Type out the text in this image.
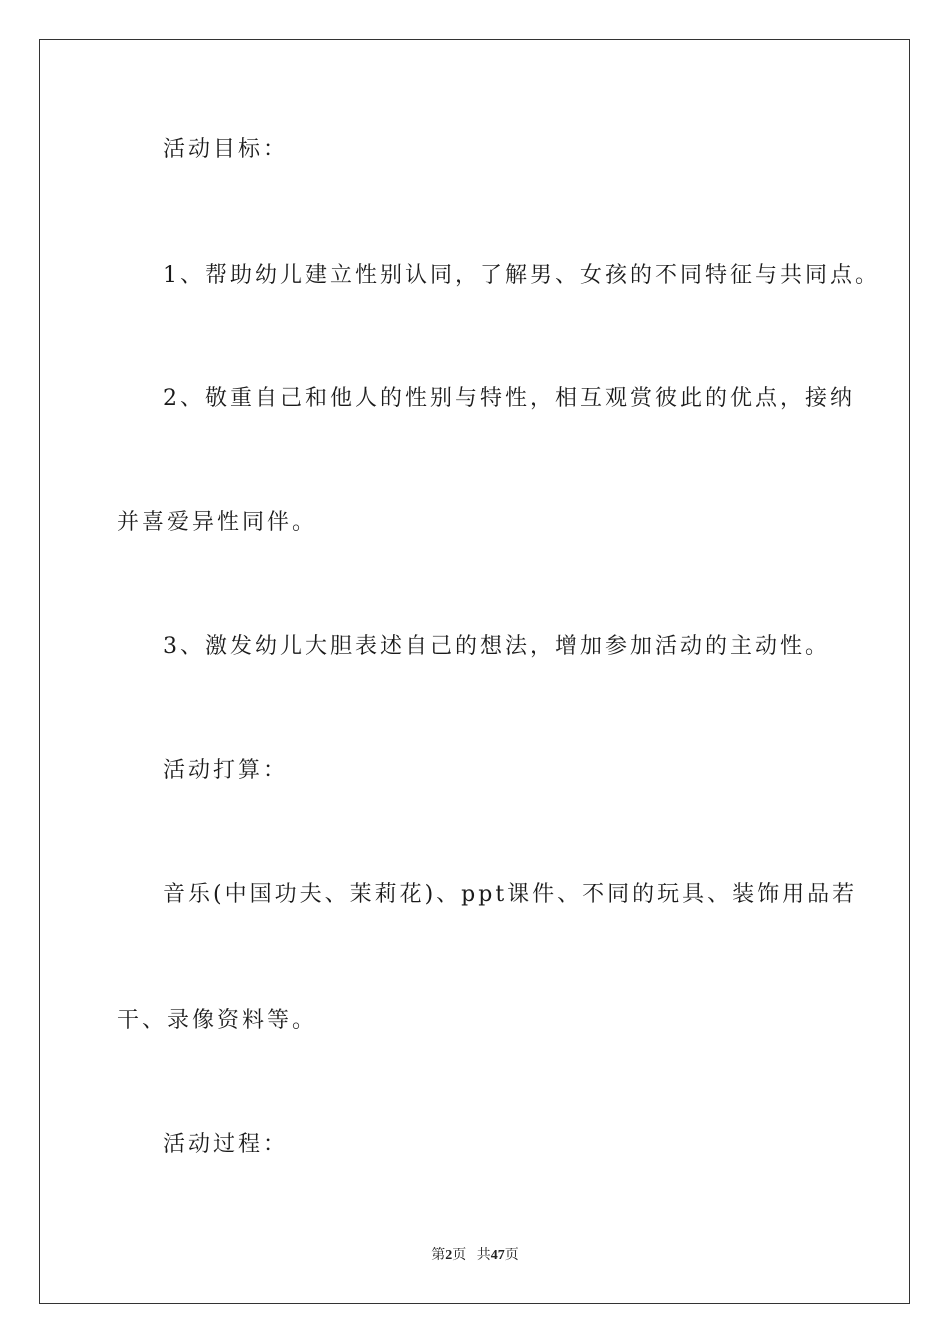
活动目标：
1、帮助幼儿建立性别认同，了解男、女孩的不同特征与共同点。
2、敬重自己和他人的性别与特性，相互观赏彼此的优点，接纳
并喜爱异性同伴。
3、激发幼儿大胆表述自己的想法，增加参加活动的主动性。
活动打算：
音乐(中国功夫、茉莉花)、ppt课件、不同的玩具、装饰用品若
干、录像资料等。
活动过程：
第2页 共47页
